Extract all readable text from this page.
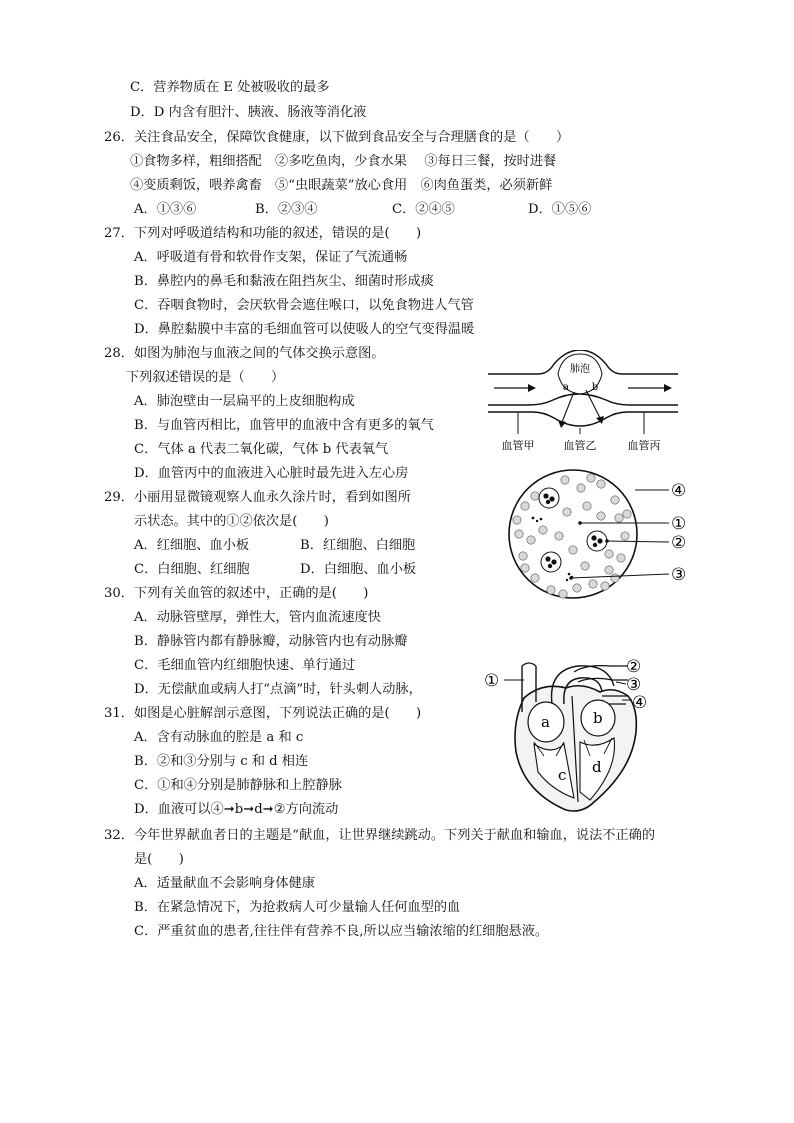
C．营养物质在 E 处被吸收的最多
D．D 内含有胆汁、胰液、肠液等消化液
26．关注食品安全，保障饮食健康，以下做到食品安全与合理膳食的是（　　）
①食物多样，粗细搭配　②多吃鱼肉，少食水果　 ③每日三餐，按时进餐
④变质剩饭，喂养禽畜　⑤“虫眼蔬菜”放心食用　⑥肉鱼蛋类，必须新鲜
A．①③⑥	B．②③④	C．②④⑤	D．①⑤⑥
27．下列对呼吸道结构和功能的叙述，错误的是(　　)
A．呼吸道有骨和软骨作支架，保证了气流通畅
B．鼻腔内的鼻毛和黏液在阻挡灰尘、细菌时形成痰
C．吞咽食物时，会厌软骨会遮住喉口，以免食物进人气管
D．鼻腔黏膜中丰富的毛细血管可以使吸人的空气变得温暖
28．如图为肺泡与血液之间的气体交换示意图。
下列叙述错误的是（　　）
A．肺泡壁由一层扁平的上皮细胞构成
B．与血管丙相比，血管甲的血液中含有更多的氧气
C．气体 a 代表二氧化碳，气体 b 代表氧气
D．血管丙中的血液进入心脏时最先进入左心房
肺泡
a b
血管甲	血管乙	血管丙
29．小丽用显微镜观察人血永久涂片时，看到如图所
示状态。其中的①②依次是(　　)
A．红细胞、血小板	B．红细胞、白细胞
C．白细胞、红细胞	D．白细胞、血小板
④
①
②
③
30．下列有关血管的叙述中，正确的是(　　)
A．动脉管壁厚，弹性大，管内血流速度快
B．静脉管内都有静脉瓣，动脉管内也有动脉瓣
C．毛细血管内红细胞快速、单行通过
D．无偿献血或病人打“点滴”时，针头刺人动脉，
31．如图是心脏解剖示意图，下列说法正确的是(　　)
A．含有动脉血的腔是 a 和 c
B．②和③分别与 c 和 d 相连
C．①和④分别是肺静脉和上腔静脉
D．血液可以④➞b➞d➞②方向流动
①
②
③
④
a	b
c d
32．今年世界献血者日的主题是“献血，让世界继续跳动。下列关于献血和输血，说法不正确的
是(　　)
A．适量献血不会影响身体健康
B．在紧急情况下，为抢救病人可少量输人任何血型的血
C．严重贫血的患者,往往伴有营养不良,所以应当输浓缩的红细胞悬液。
